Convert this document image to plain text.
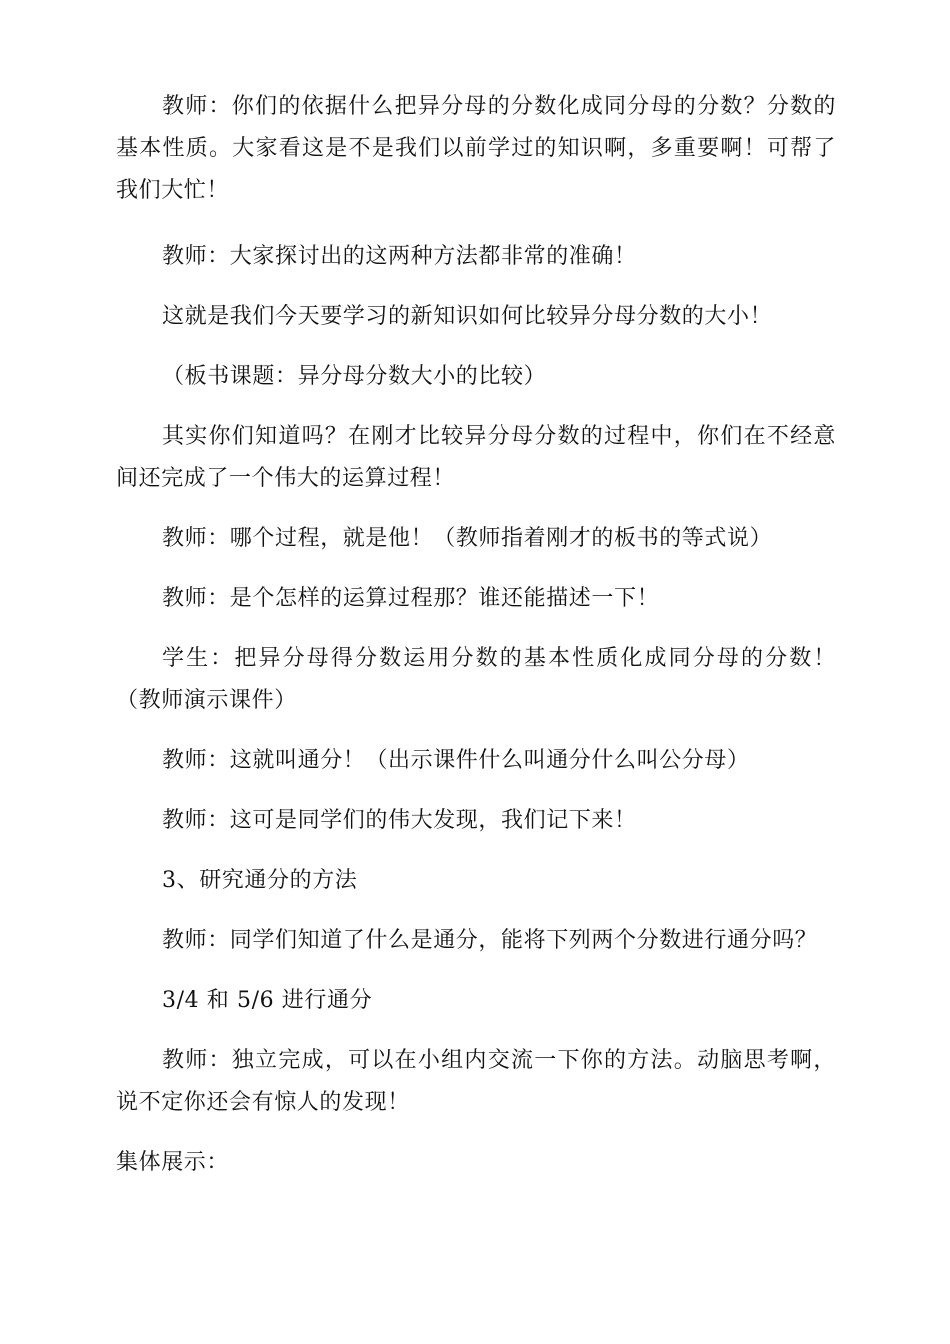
教师：你们的依据什么把异分母的分数化成同分母的分数？分数的基本性质。大家看这是不是我们以前学过的知识啊，多重要啊！可帮了我们大忙！

教师：大家探讨出的这两种方法都非常的准确！

这就是我们今天要学习的新知识如何比较异分母分数的大小！

（板书课题：异分母分数大小的比较）

其实你们知道吗？在刚才比较异分母分数的过程中，你们在不经意间还完成了一个伟大的运算过程！

教师：哪个过程，就是他！（教师指着刚才的板书的等式说）

教师：是个怎样的运算过程那？谁还能描述一下！

学生：把异分母得分数运用分数的基本性质化成同分母的分数！（教师演示课件）

教师：这就叫通分！（出示课件什么叫通分什么叫公分母）

教师：这可是同学们的伟大发现，我们记下来！

3、研究通分的方法

教师：同学们知道了什么是通分，能将下列两个分数进行通分吗？

3/4 和 5/6 进行通分

教师：独立完成，可以在小组内交流一下你的方法。动脑思考啊，说不定你还会有惊人的发现！

集体展示：
